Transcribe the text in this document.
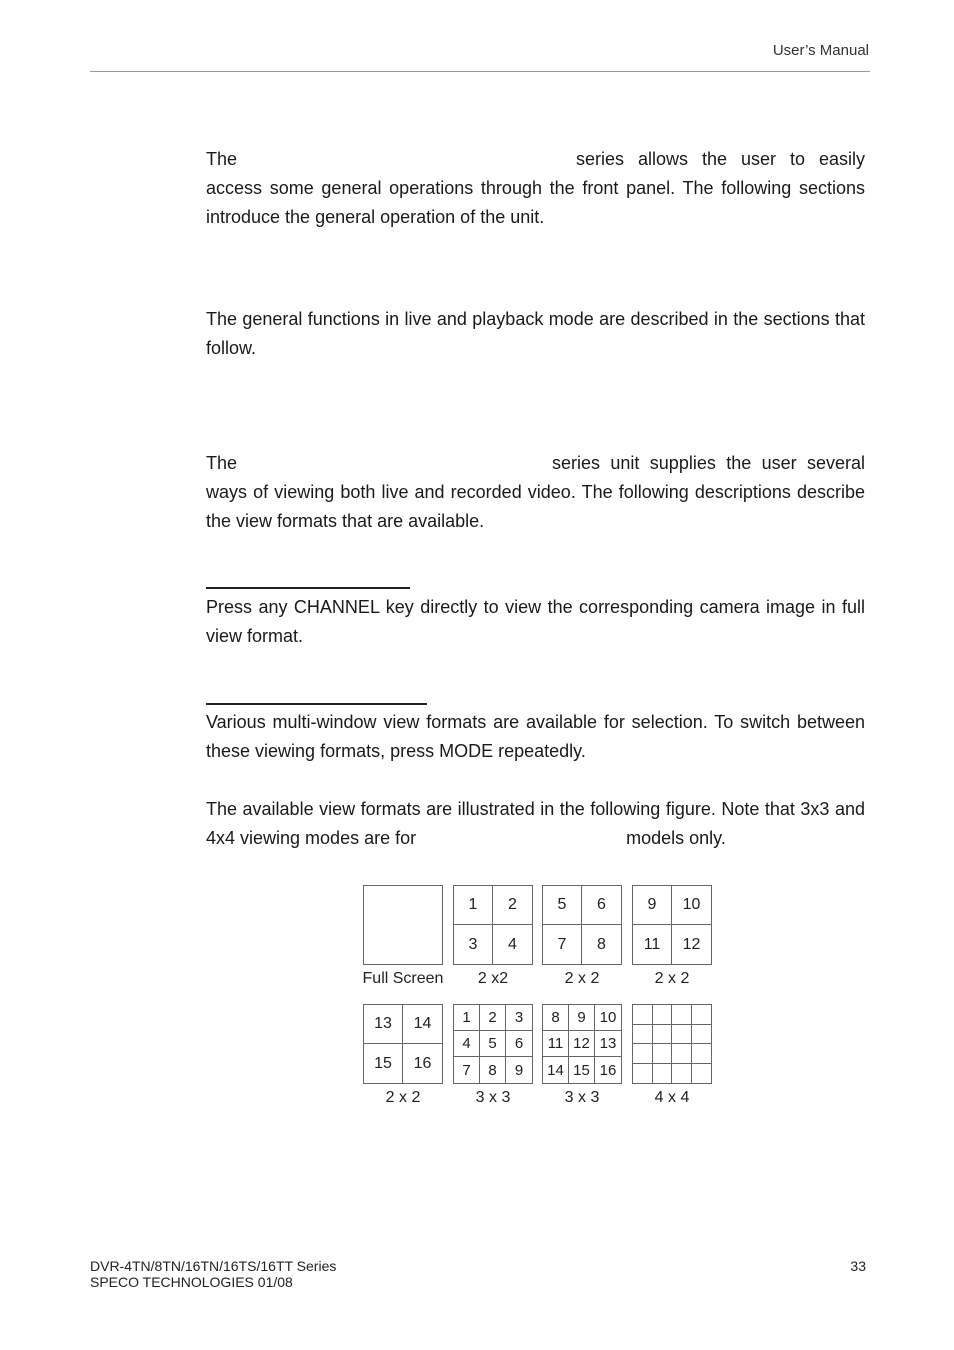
User’s Manual

The	series allows the user to easily access some general operations through the front panel. The following sections introduce the general operation of the unit.

The general functions in live and playback mode are described in the sections that follow.

The	series unit supplies the user several ways of viewing both live and recorded video. The following descriptions describe the view formats that are available.

Press any CHANNEL key directly to view the corresponding camera image in full view format.

Various multi-window view formats are available for selection. To switch between these viewing formats, press MODE repeatedly.

The available view formats are illustrated in the following figure. Note that 3x3 and 4x4 viewing modes are for	models only.

Full Screen
1	2
3	4
2 x2
5	6
7	8
2 x 2
9	10
11	12
2 x 2
13	14
15	16
2 x 2
1	2	3
4	5	6
7	8	9
3 x 3
8	9 10
11 12 13
14 15 16
3 x 3	4 x 4
DVR-4TN/8TN/16TN/16TS/16TT Series
SPECO TECHNOLOGIES 01/08
33
